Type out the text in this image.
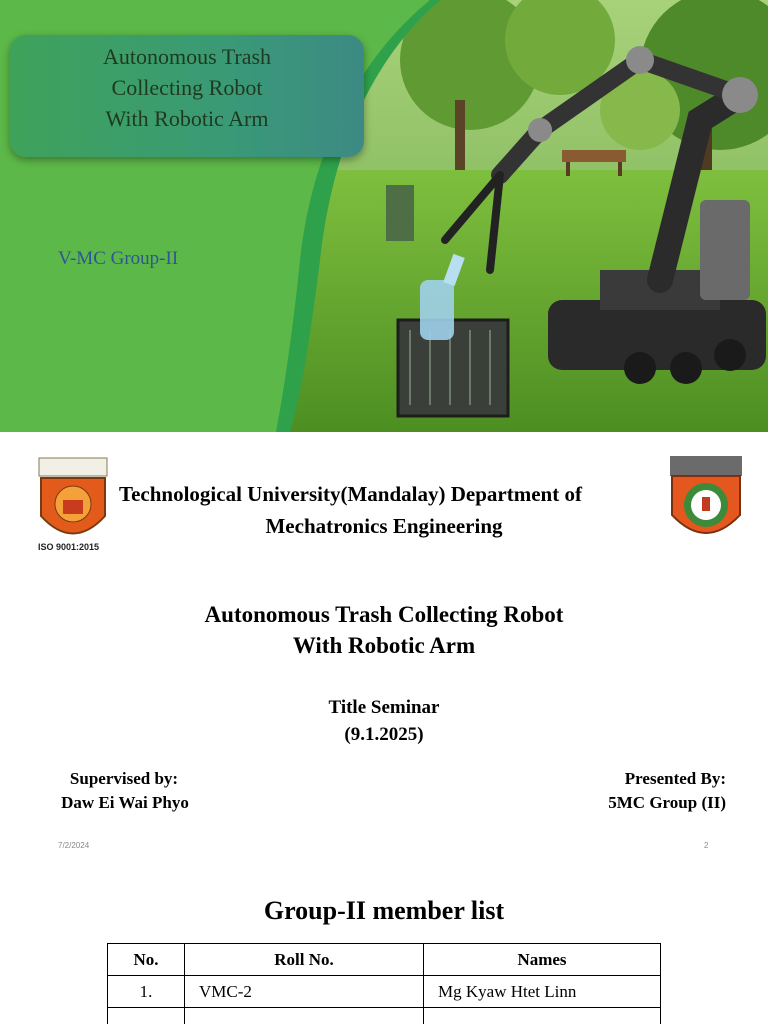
Autonomous Trash
Collecting Robot
With Robotic Arm
V-MC Group-II
ISO 9001:2015
Technological University(Mandalay) Department of
Mechatronics Engineering
Autonomous Trash Collecting Robot
With Robotic Arm
Title Seminar
(9.1.2025)
Supervised by:
Daw Ei Wai Phyo
Presented By:
5MC Group (II)
7/2/2024	2
Group-II member list
No.	Roll No.	Names
1.	VMC-2	Mg Kyaw Htet Linn
